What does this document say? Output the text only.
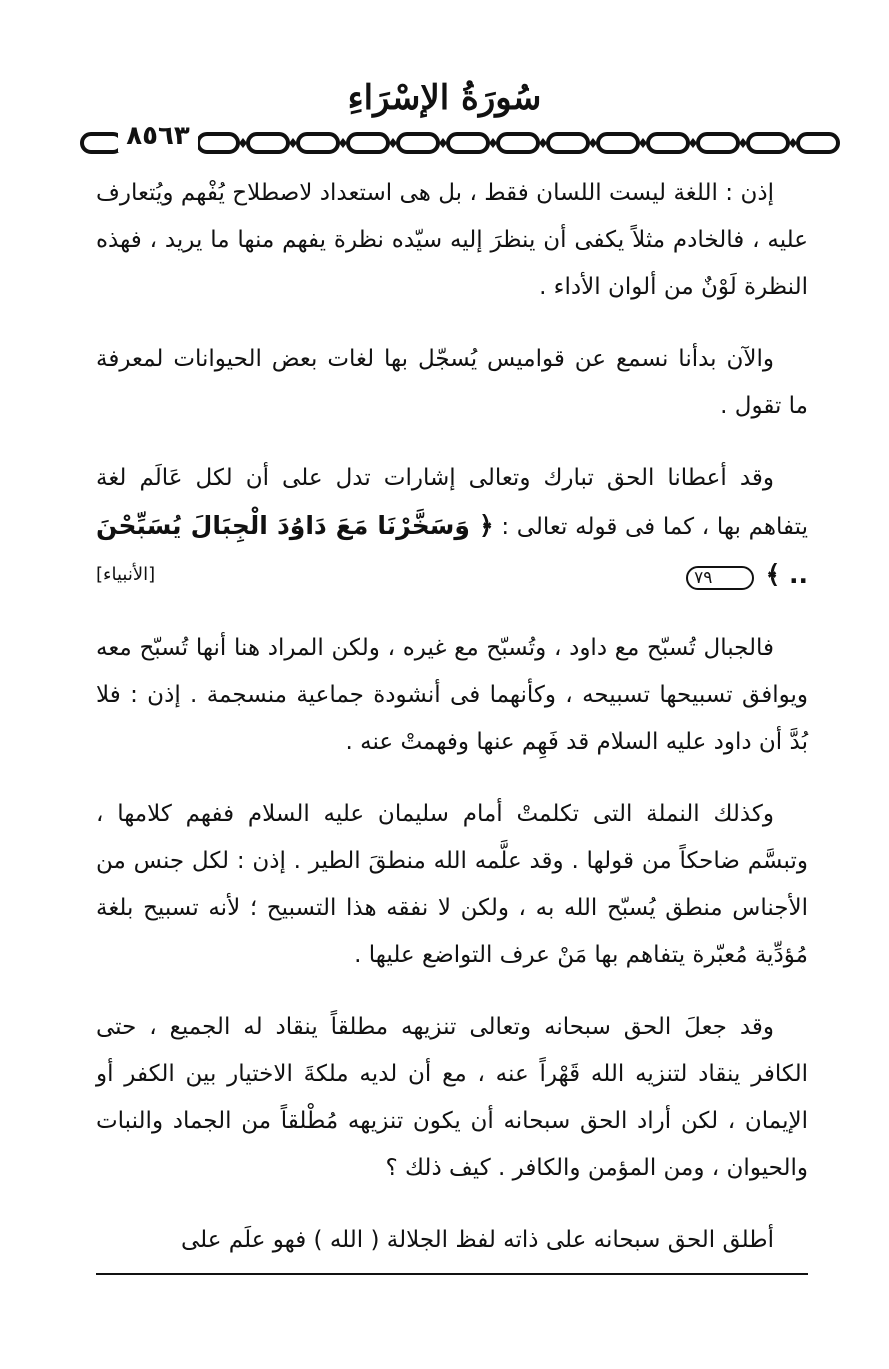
سُورَةُ الإسْرَاءِ
٨٥٦٣

إذن : اللغة ليست اللسان فقط ، بل هى استعداد لاصطلاح يُفْهم ويُتعارف عليه ، فالخادم مثلاً يكفى أن ينظرَ إليه سيّده نظرة يفهم منها ما يريد ، فهذه النظرة لَوْنٌ من ألوان الأداء .

والآن بدأنا نسمع عن قواميس يُسجّل بها لغات بعض الحيوانات لمعرفة ما تقول .

وقد أعطانا الحق تبارك وتعالى إشارات تدل على أن لكل عَالَم لغة يتفاهم بها ، كما فى قوله تعالى : ﴿ وَسَخَّرْنَا مَعَ دَاوُدَ الْجِبَالَ يُسَبِّحْنَ .. ﴾ ٧٩
[الأنبياء]

فالجبال تُسبّح مع داود ، وتُسبّح مع غيره ، ولكن المراد هنا أنها تُسبّح معه ويوافق تسبيحها تسبيحه ، وكأنهما فى أنشودة جماعية منسجمة . إذن : فلا بُدَّ أن داود عليه السلام قد فَهِم عنها وفهمتْ عنه .

وكذلك النملة التى تكلمتْ أمام سليمان عليه السلام ففهم كلامها ، وتبسَّم ضاحكاً من قولها . وقد علَّمه الله منطقَ الطير . إذن : لكل جنس من الأجناس منطق يُسبّح الله به ، ولكن لا نفقه هذا التسبيح ؛ لأنه تسبيح بلغة مُؤدِّية مُعبّرة يتفاهم بها مَنْ عرف التواضع عليها .

وقد جعلَ الحق سبحانه وتعالى تنزيهه مطلقاً ينقاد له الجميع ، حتى الكافر ينقاد لتنزيه الله قَهْراً عنه ، مع أن لديه ملكةَ الاختيار بين الكفر أو الإيمان ، لكن أراد الحق سبحانه أن يكون تنزيهه مُطْلقاً من الجماد والنبات والحيوان ، ومن المؤمن والكافر . كيف ذلك ؟

أطلق الحق سبحانه على ذاته لفظ الجلالة ( الله ) فهو علَم على
